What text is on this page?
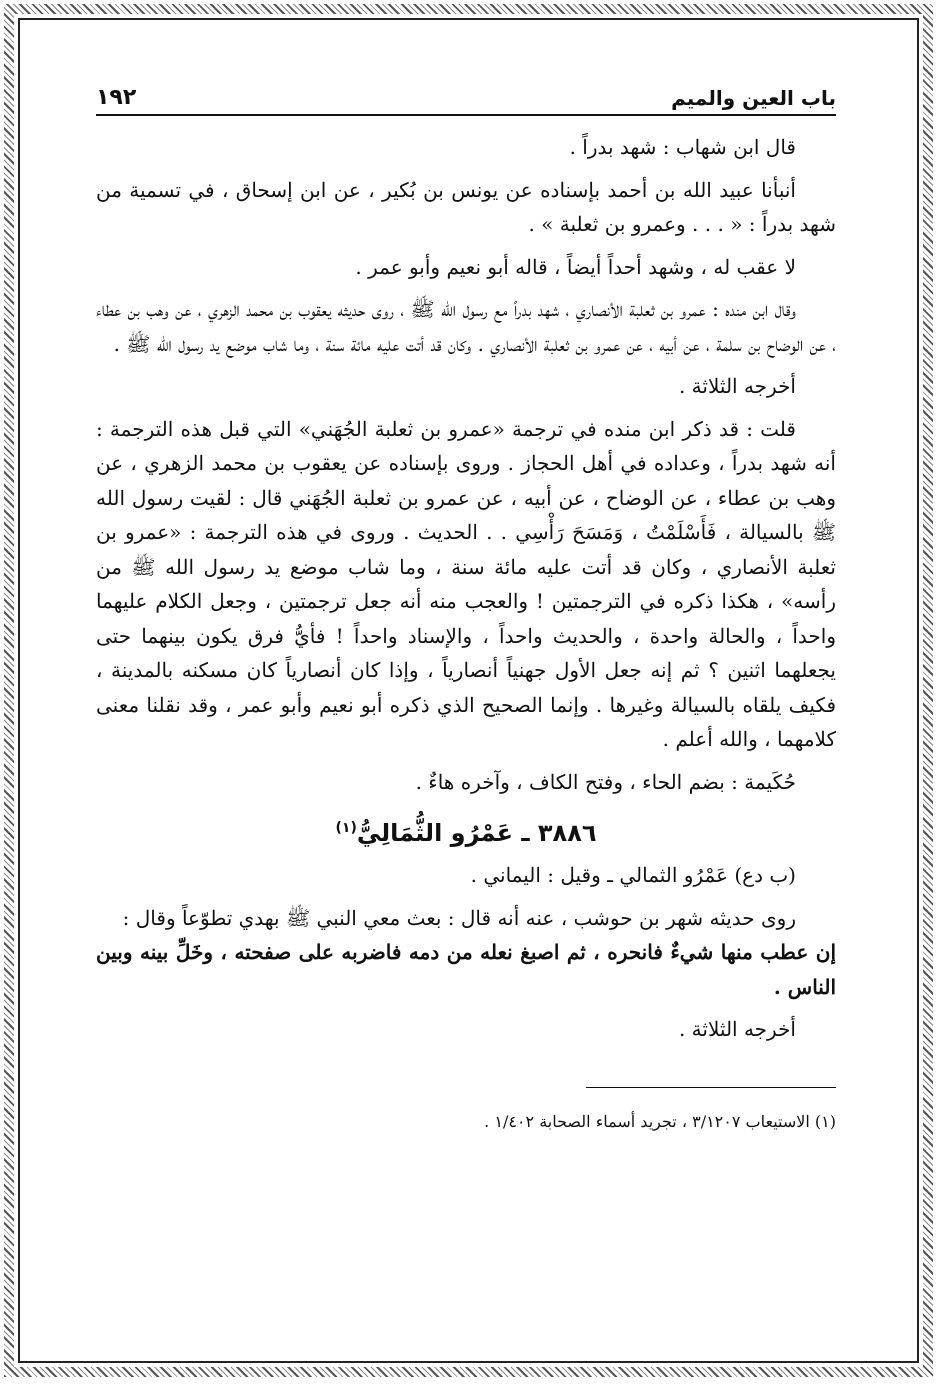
١٩٢	باب العين والميم

قال ابن شهاب : شهد بدراً .

أنبأنا عبيد الله بن أحمد بإسناده عن يونس بن بُكير ، عن ابن إسحاق ، في تسمية من شهد بدراً : « . . . وعمرو بن ثعلبة » .

لا عقب له ، وشهد أحداً أيضاً ، قاله أبو نعيم وأبو عمر .

وقال ابن منده : عمرو بن ثعلبة الأنصاري ، شهد بدراً مع رسول الله ﷺ ، روى حديثه يعقوب بن محمد الزهري ، عن وهب بن عطاء ، عن الوضاح بن سلمة ، عن أبيه ، عن عمرو بن ثعلبة الأنصاري . وكان قد أتت عليه مائة سنة ، وما شاب موضع يد رسول الله ﷺ .

أخرجه الثلاثة .

قلت : قد ذكر ابن منده في ترجمة «عمرو بن ثعلبة الجُهَني» التي قبل هذه الترجمة : أنه شهد بدراً ، وعداده في أهل الحجاز . وروى بإسناده عن يعقوب بن محمد الزهري ، عن وهب بن عطاء ، عن الوضاح ، عن أبيه ، عن عمرو بن ثعلبة الجُهَني قال : لقيت رسول الله ﷺ بالسيالة ، فَأَسْلَمْتُ ، وَمَسَحَ رَأْسِي . . الحديث . وروى في هذه الترجمة : «عمرو بن ثعلبة الأنصاري ، وكان قد أتت عليه مائة سنة ، وما شاب موضع يد رسول الله ﷺ من رأسه» ، هكذا ذكره في الترجمتين ! والعجب منه أنه جعل ترجمتين ، وجعل الكلام عليهما واحداً ، والحالة واحدة ، والحديث واحداً ، والإسناد واحداً ! فأيُّ فرق يكون بينهما حتى يجعلهما اثنين ؟ ثم إنه جعل الأول جهنياً أنصارياً ، وإذا كان أنصارياً كان مسكنه بالمدينة ، فكيف يلقاه بالسيالة وغيرها . وإنما الصحيح الذي ذكره أبو نعيم وأبو عمر ، وقد نقلنا معنى كلامهما ، والله أعلم .

حُكَيمة : بضم الحاء ، وفتح الكاف ، وآخره هاءٌ .

٣٨٨٦ ـ عَمْرُو الثُّمَالِيُّ$^{(١)}$

(ب دع) عَمْرُو الثمالي ـ وقيل : اليماني .

روى حديثه شهر بن حوشب ، عنه أنه قال : بعث معي النبي ﷺ بهدي تطوّعاً وقال :

إن عطب منها شيءٌ فانحره ، ثم اصبغ نعله من دمه فاضربه على صفحته ، وخَلِّ بينه وبين الناس .

أخرجه الثلاثة .

(١) الاستيعاب ٣/١٢٠٧ ، تجريد أسماء الصحابة ١/٤٠٢ .
